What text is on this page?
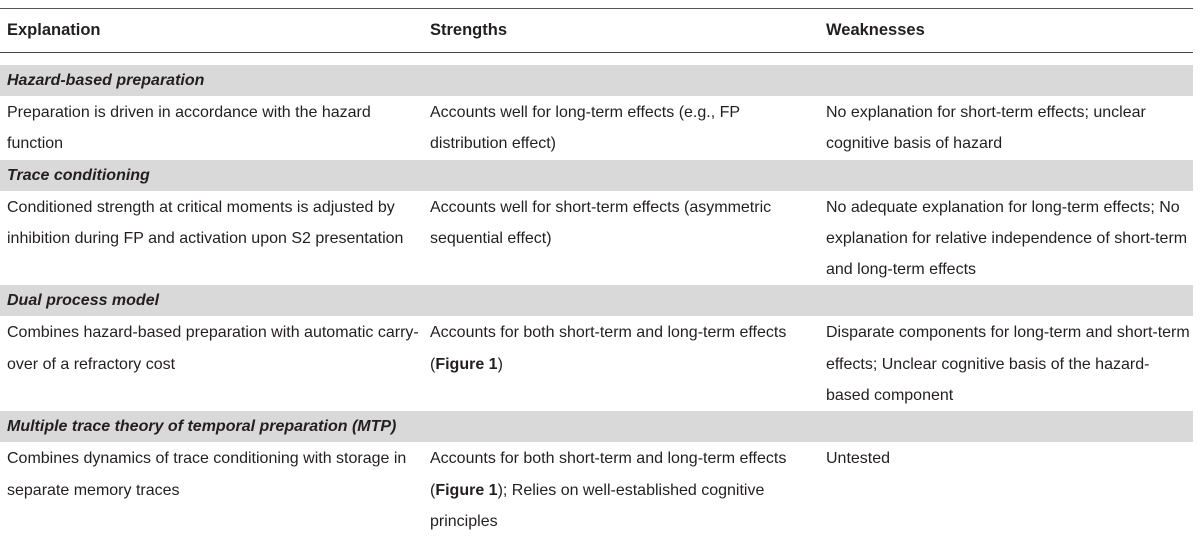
Explanation	Strengths	Weaknesses
Hazard-based preparation
Preparation is driven in accordance with the hazard function
Accounts well for long-term effects (e.g., FP distribution effect)
No explanation for short-term effects; unclear cognitive basis of hazard
Trace conditioning
Conditioned strength at critical moments is adjusted by inhibition during FP and activation upon S2 presentation
Accounts well for short-term effects (asymmetric sequential effect)
No adequate explanation for long-term effects; No explanation for relative independence of short-term and long-term effects
Dual process model
Combines hazard-based preparation with automatic carry-over of a refractory cost
Accounts for both short-term and long-term effects (Figure 1)
Disparate components for long-term and short-term effects; Unclear cognitive basis of the hazard-based component
Multiple trace theory of temporal preparation (MTP)
Combines dynamics of trace conditioning with storage in separate memory traces
Accounts for both short-term and long-term effects (Figure 1); Relies on well-established cognitive principles
Untested
